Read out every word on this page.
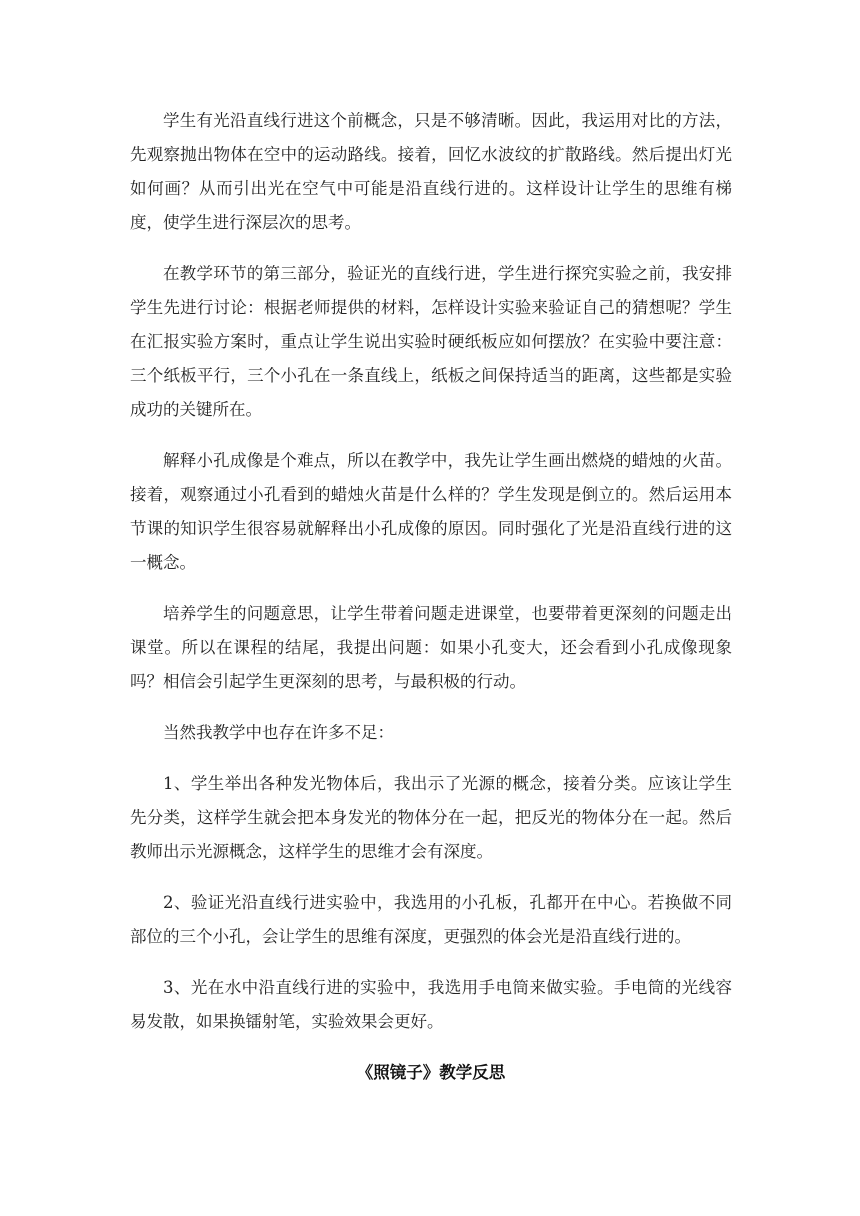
学生有光沿直线行进这个前概念，只是不够清晰。因此，我运用对比的方法，先观察抛出物体在空中的运动路线。接着，回忆水波纹的扩散路线。然后提出灯光如何画？从而引出光在空气中可能是沿直线行进的。这样设计让学生的思维有梯度，使学生进行深层次的思考。

在教学环节的第三部分，验证光的直线行进，学生进行探究实验之前，我安排学生先进行讨论：根据老师提供的材料，怎样设计实验来验证自己的猜想呢？学生在汇报实验方案时，重点让学生说出实验时硬纸板应如何摆放？在实验中要注意：三个纸板平行，三个小孔在一条直线上，纸板之间保持适当的距离，这些都是实验成功的关键所在。

解释小孔成像是个难点，所以在教学中，我先让学生画出燃烧的蜡烛的火苗。接着，观察通过小孔看到的蜡烛火苗是什么样的？学生发现是倒立的。然后运用本节课的知识学生很容易就解释出小孔成像的原因。同时强化了光是沿直线行进的这一概念。

培养学生的问题意思，让学生带着问题走进课堂，也要带着更深刻的问题走出课堂。所以在课程的结尾，我提出问题：如果小孔变大，还会看到小孔成像现象吗？相信会引起学生更深刻的思考，与最积极的行动。

当然我教学中也存在许多不足：

1、学生举出各种发光物体后，我出示了光源的概念，接着分类。应该让学生先分类，这样学生就会把本身发光的物体分在一起，把反光的物体分在一起。然后教师出示光源概念，这样学生的思维才会有深度。

2、验证光沿直线行进实验中，我选用的小孔板，孔都开在中心。若换做不同部位的三个小孔，会让学生的思维有深度，更强烈的体会光是沿直线行进的。

3、光在水中沿直线行进的实验中，我选用手电筒来做实验。手电筒的光线容易发散，如果换镭射笔，实验效果会更好。

《照镜子》教学反思
